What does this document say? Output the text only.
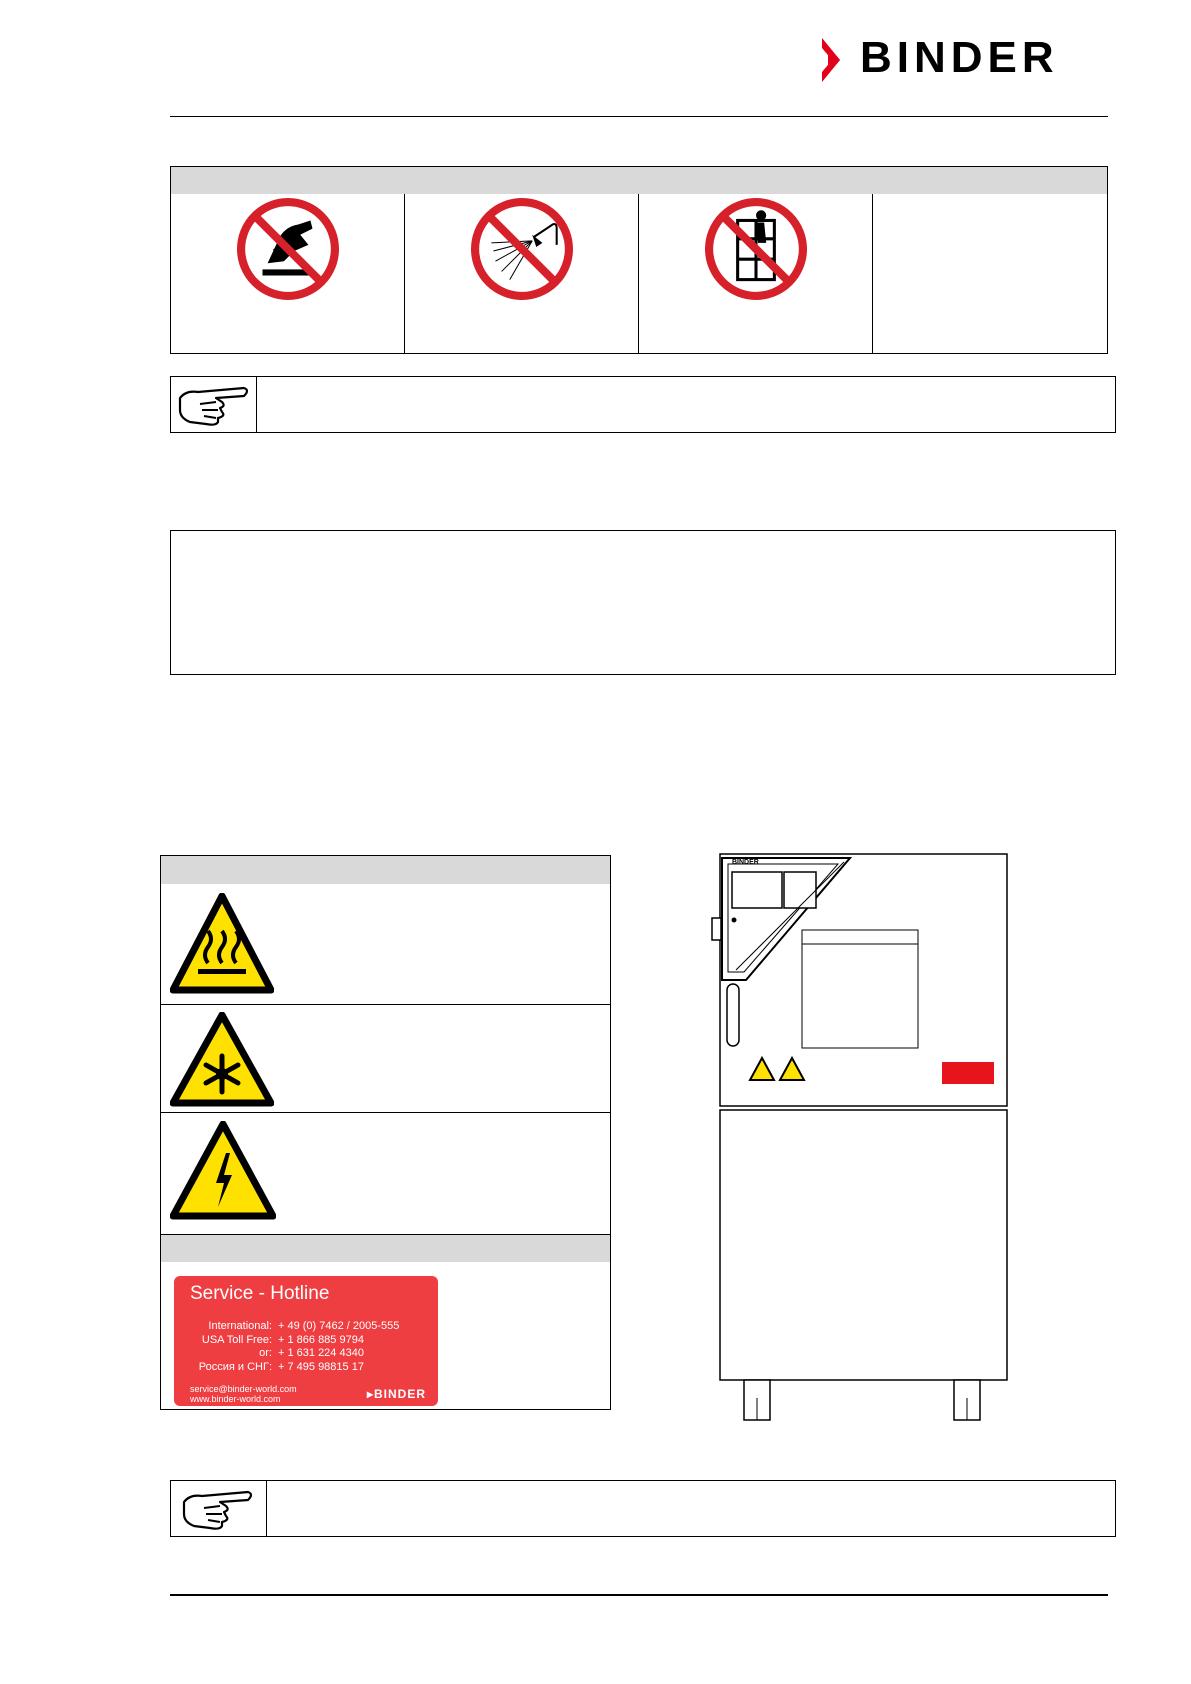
BINDER
Service - Hotline
International: + 49 (0) 7462 / 2005-555
USA Toll Free: + 1 866 885 9794
or: + 1 631 224 4340
Россия и СНГ: + 7 495 98815 17
service@binder-world.com
www.binder-world.com	▸BINDER
BINDER
